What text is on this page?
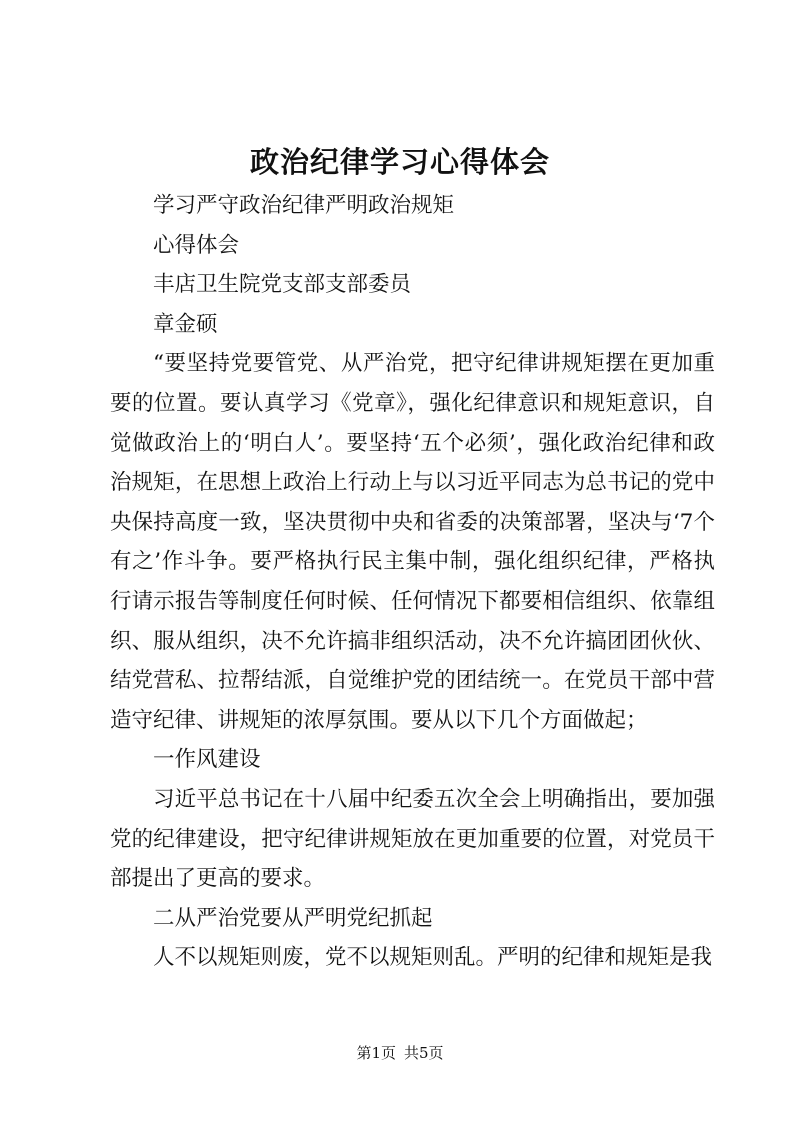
政治纪律学习心得体会

学习严守政治纪律严明政治规矩

心得体会

丰店卫生院党支部支部委员

章金硕

“要坚持党要管党、从严治党，把守纪律讲规矩摆在更加重要的位置。要认真学习《党章》，强化纪律意识和规矩意识，自觉做政治上的‘明白人’。要坚持‘五个必须’，强化政治纪律和政治规矩，在思想上政治上行动上与以习近平同志为总书记的党中央保持高度一致，坚决贯彻中央和省委的决策部署，坚决与‘7个有之’作斗争。要严格执行民主集中制，强化组织纪律，严格执行请示报告等制度任何时候、任何情况下都要相信组织、依靠组织、服从组织，决不允许搞非组织活动，决不允许搞团团伙伙、结党营私、拉帮结派，自觉维护党的团结统一。在党员干部中营造守纪律、讲规矩的浓厚氛围。要从以下几个方面做起；

一作风建设

习近平总书记在十八届中纪委五次全会上明确指出，要加强党的纪律建设，把守纪律讲规矩放在更加重要的位置，对党员干部提出了更高的要求。

二从严治党要从严明党纪抓起

人不以规矩则废，党不以规矩则乱。严明的纪律和规矩是我

第1页 共5页
